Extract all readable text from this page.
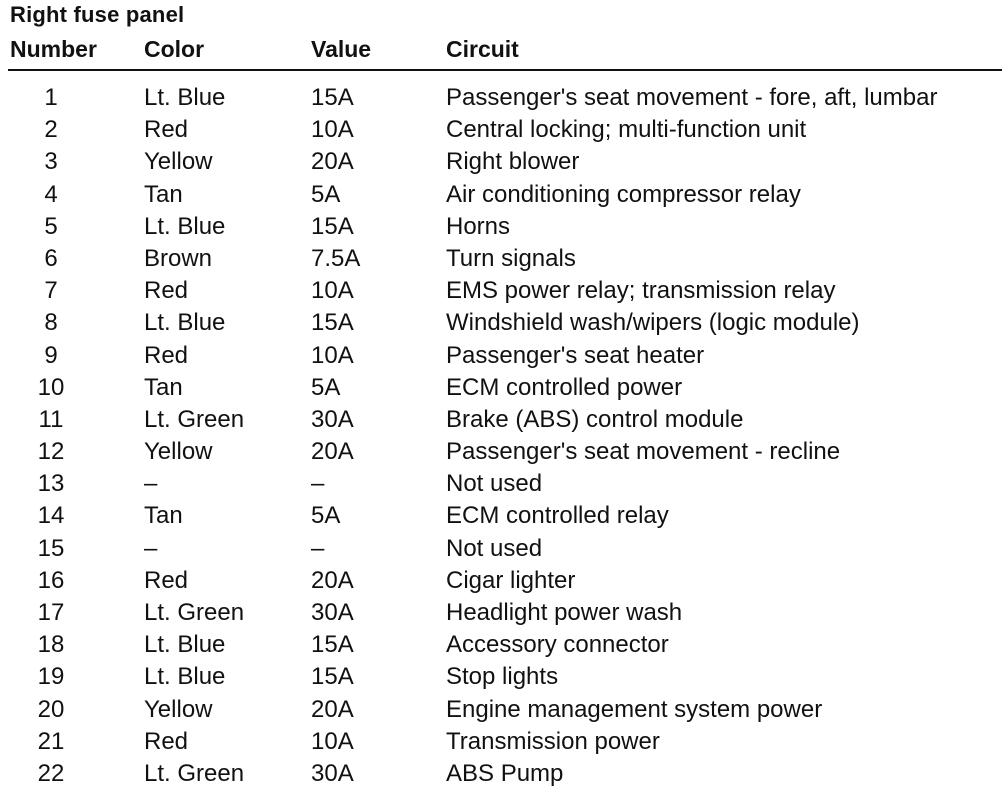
Right fuse panel
Number Color	Value	Circuit
1	Lt. Blue	15A	Passenger's seat movement - fore, aft, lumbar
2	Red	10A	Central locking; multi-function unit
3	Yellow	20A	Right blower
4	Tan	5A	Air conditioning compressor relay
5	Lt. Blue	15A	Horns
6	Brown	7.5A	Turn signals
7	Red	10A	EMS power relay; transmission relay
8	Lt. Blue	15A	Windshield wash/wipers (logic module)
9	Red	10A	Passenger's seat heater
10	Tan	5A	ECM controlled power
11	Lt. Green	30A	Brake (ABS) control module
12	Yellow	20A	Passenger's seat movement - recline
13	–	–	Not used
14	Tan	5A	ECM controlled relay
15	–	–	Not used
16	Red	20A	Cigar lighter
17	Lt. Green	30A	Headlight power wash
18	Lt. Blue	15A	Accessory connector
19	Lt. Blue	15A	Stop lights
20	Yellow	20A	Engine management system power
21	Red	10A	Transmission power
22	Lt. Green	30A	ABS Pump
